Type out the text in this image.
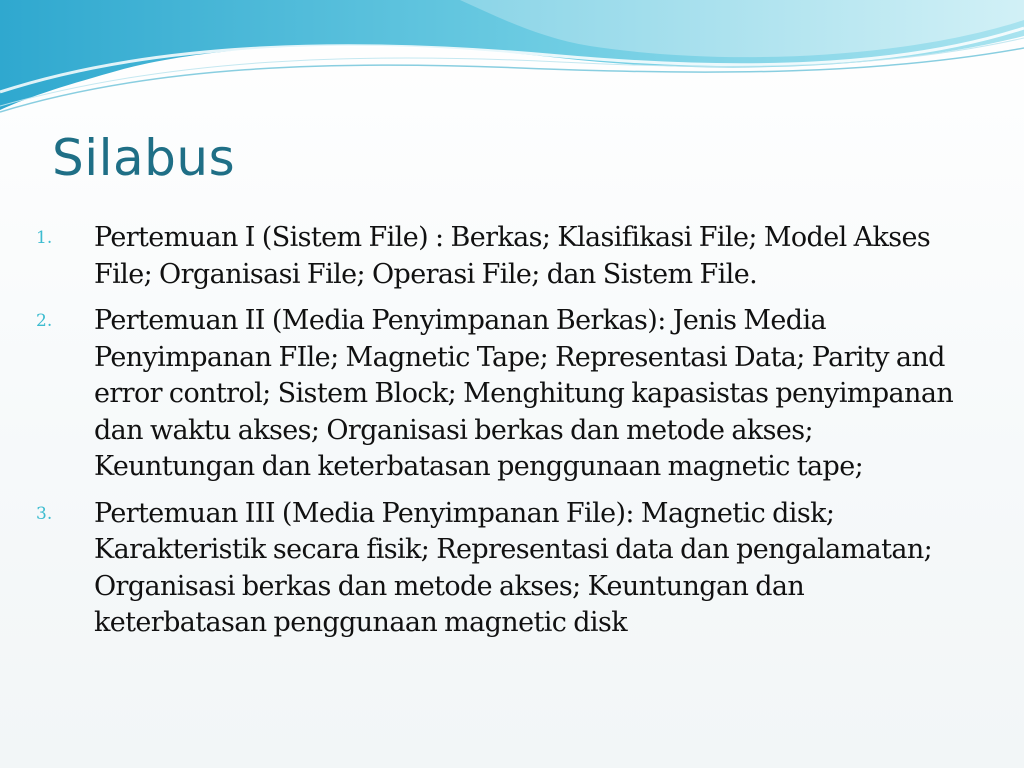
Silabus
1. Pertemuan I (Sistem File) : Berkas; Klasifikasi File; Model Akses File; Organisasi File; Operasi File; dan Sistem File.
2. Pertemuan II (Media Penyimpanan Berkas): Jenis Media Penyimpanan FIle; Magnetic Tape; Representasi Data; Parity and error control; Sistem Block; Menghitung kapasistas penyimpanan dan waktu akses; Organisasi berkas dan metode akses; Keuntungan dan keterbatasan penggunaan magnetic tape;
3. Pertemuan III (Media Penyimpanan File): Magnetic disk; Karakteristik secara fisik; Representasi data dan pengalamatan; Organisasi berkas dan metode akses; Keuntungan dan keterbatasan penggunaan magnetic disk
